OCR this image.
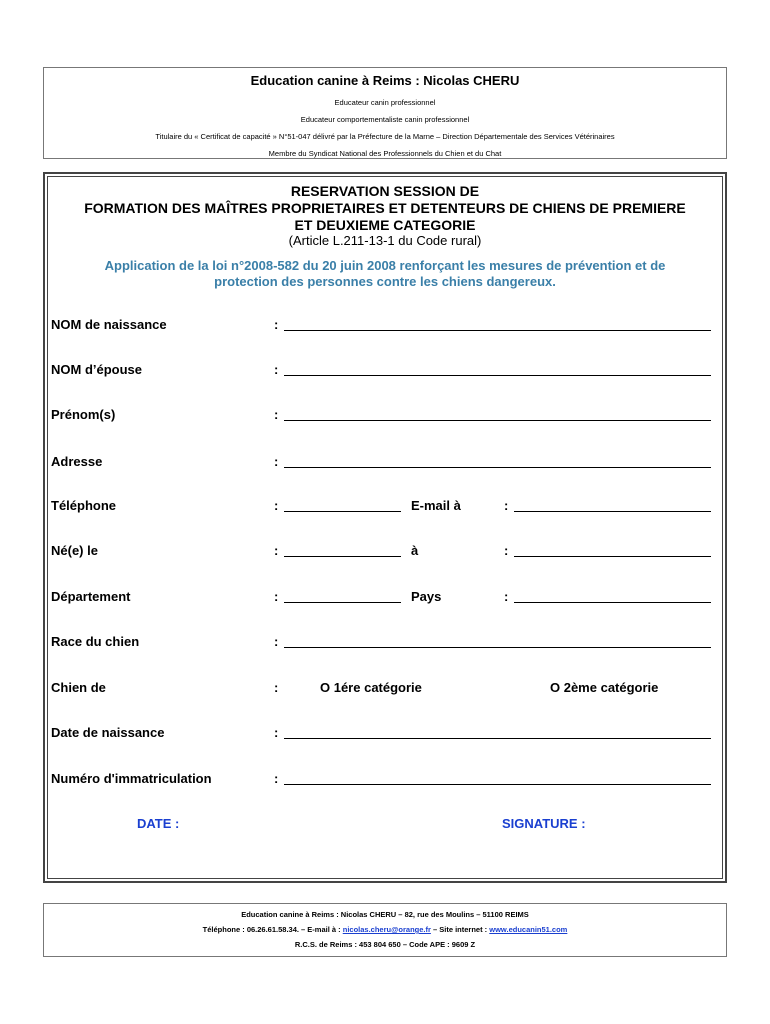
Education canine à Reims : Nicolas CHERU
Educateur canin professionnel
Educateur comportementaliste canin professionnel
Titulaire du « Certificat de capacité » N°51-047 délivré par la Préfecture de la Marne – Direction Départementale des Services Vétérinaires
Membre du Syndicat National des Professionnels du Chien et du Chat
RESERVATION SESSION DE
FORMATION DES MAÎTRES PROPRIETAIRES ET DETENTEURS DE CHIENS DE PREMIERE
ET DEUXIEME CATEGORIE
(Article L.211-13-1 du Code rural)
Application de la loi n°2008-582 du 20 juin 2008 renforçant les mesures de prévention et de
protection des personnes contre les chiens dangereux.
NOM de naissance	:
NOM d’épouse	:
Prénom(s)	:
Adresse	:
Téléphone	:	E-mail à	:
Né(e) le	:	à	:
Département	:	Pays	:
Race du chien	:
Chien de	:	O 1ére catégorie	O 2ème catégorie
Date de naissance	:
Numéro d'immatriculation	:
DATE :	SIGNATURE :
Education canine à Reims : Nicolas CHERU – 82, rue des Moulins – 51100 REIMS
Téléphone : 06.26.61.58.34. – E-mail à : nicolas.cheru@orange.fr – Site internet : www.educanin51.com
R.C.S. de Reims : 453 804 650 – Code APE : 9609 Z
